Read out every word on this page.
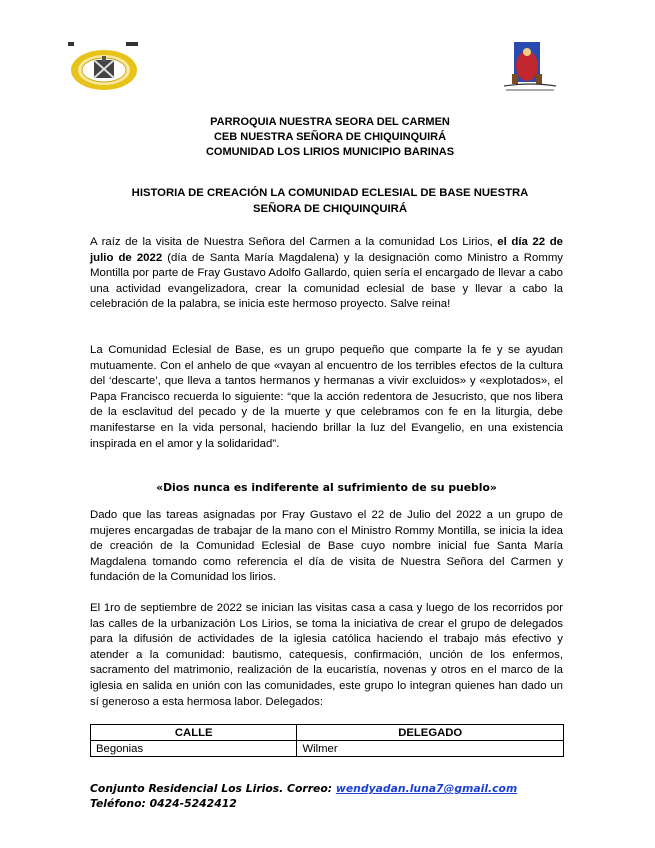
PARROQUIA NUESTRA SEORA DEL CARMEN
CEB NUESTRA SEÑORA DE CHIQUINQUIRÁ
COMUNIDAD LOS LIRIOS MUNICIPIO BARINAS
HISTORIA DE CREACIÓN LA COMUNIDAD ECLESIAL DE BASE NUESTRA
SEÑORA DE CHIQUINQUIRÁ
A raíz de la visita de Nuestra Señora del Carmen a la comunidad Los Lirios, el día 22 de julio de 2022 (día de Santa María Magdalena) y la designación como Ministro a Rommy Montilla por parte de Fray Gustavo Adolfo Gallardo, quien sería el encargado de llevar a cabo una actividad evangelizadora, crear la comunidad eclesial de base y llevar a cabo la celebración de la palabra, se inicia este hermoso proyecto. Salve reina!
La Comunidad Eclesial de Base, es un grupo pequeño que comparte la fe y se ayudan mutuamente. Con el anhelo de que «vayan al encuentro de los terribles efectos de la cultura del ‘descarte’, que lleva a tantos hermanos y hermanas a vivir excluidos» y «explotados», el Papa Francisco recuerda lo siguiente: “que la acción redentora de Jesucristo, que nos libera de la esclavitud del pecado y de la muerte y que celebramos con fe en la liturgia, debe manifestarse en la vida personal, haciendo brillar la luz del Evangelio, en una existencia inspirada en el amor y la solidaridad”.
«Dios nunca es indiferente al sufrimiento de su pueblo»
Dado que las tareas asignadas por Fray Gustavo el 22 de Julio del 2022 a un grupo de mujeres encargadas de trabajar de la mano con el Ministro Rommy Montilla, se inicia la idea de creación de la Comunidad Eclesial de Base cuyo nombre inicial fue Santa María Magdalena tomando como referencia el día de visita de Nuestra Señora del Carmen y fundación de la Comunidad los lirios.
El 1ro de septiembre de 2022 se inician las visitas casa a casa y luego de los recorridos por las calles de la urbanización Los Lirios, se toma la iniciativa de crear el grupo de delegados para la difusión de actividades de la iglesia católica haciendo el trabajo más efectivo y atender a la comunidad: bautismo, catequesis, confirmación, unción de los enfermos, sacramento del matrimonio, realización de la eucaristía, novenas y otros en el marco de la iglesia en salida en unión con las comunidades, este grupo lo integran quienes han dado un sí generoso a esta hermosa labor. Delegados:
CALLE	DELEGADO
Begonias	Wilmer
Conjunto Residencial Los Lirios. Correo: wendyadan.luna7@gmail.com
Teléfono: 0424-5242412
